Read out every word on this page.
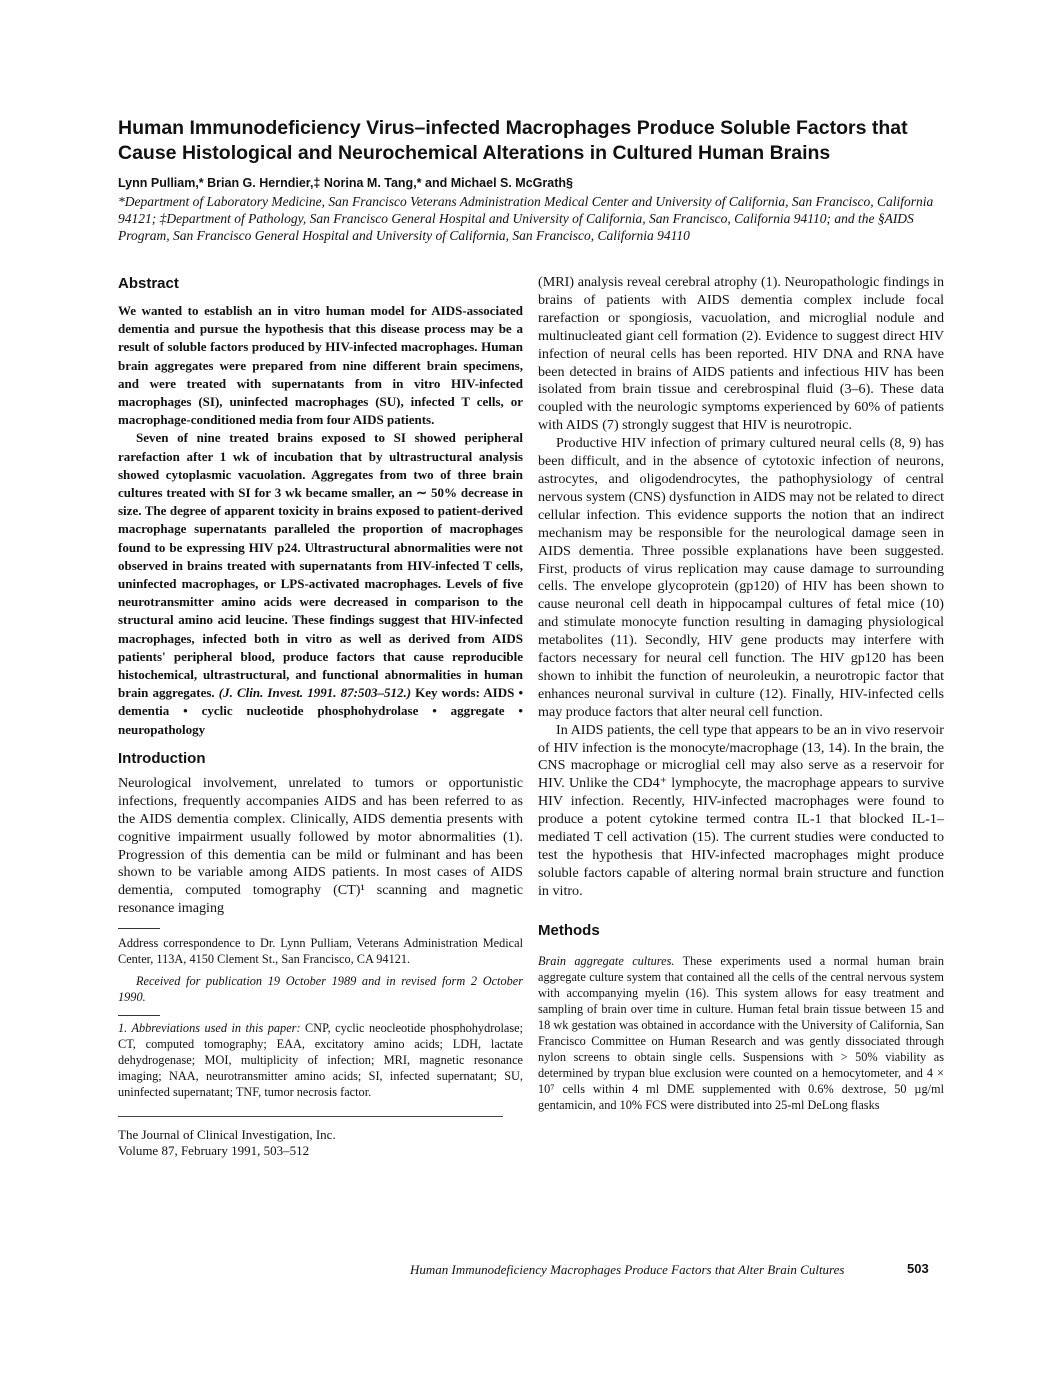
Human Immunodeficiency Virus–infected Macrophages Produce Soluble Factors that Cause Histological and Neurochemical Alterations in Cultured Human Brains
Lynn Pulliam,* Brian G. Herndier,‡ Norina M. Tang,* and Michael S. McGrath§
*Department of Laboratory Medicine, San Francisco Veterans Administration Medical Center and University of California, San Francisco, California 94121; ‡Department of Pathology, San Francisco General Hospital and University of California, San Francisco, California 94110; and the §AIDS Program, San Francisco General Hospital and University of California, San Francisco, California 94110
Abstract

We wanted to establish an in vitro human model for AIDS-associated dementia and pursue the hypothesis that this disease process may be a result of soluble factors produced by HIV-infected macrophages. Human brain aggregates were prepared from nine different brain specimens, and were treated with supernatants from in vitro HIV-infected macrophages (SI), uninfected macrophages (SU), infected T cells, or macrophage-conditioned media from four AIDS patients.

Seven of nine treated brains exposed to SI showed peripheral rarefaction after 1 wk of incubation that by ultrastructural analysis showed cytoplasmic vacuolation. Aggregates from two of three brain cultures treated with SI for 3 wk became smaller, an ∼ 50% decrease in size. The degree of apparent toxicity in brains exposed to patient-derived macrophage supernatants paralleled the proportion of macrophages found to be expressing HIV p24. Ultrastructural abnormalities were not observed in brains treated with supernatants from HIV-infected T cells, uninfected macrophages, or LPS-activated macrophages. Levels of five neurotransmitter amino acids were decreased in comparison to the structural amino acid leucine. These findings suggest that HIV-infected macrophages, infected both in vitro as well as derived from AIDS patients' peripheral blood, produce factors that cause reproducible histochemical, ultrastructural, and functional abnormalities in human brain aggregates. (J. Clin. Invest. 1991. 87:503–512.) Key words: AIDS • dementia • cyclic nucleotide phosphohydrolase • aggregate • neuropathology

Introduction

Neurological involvement, unrelated to tumors or opportunistic infections, frequently accompanies AIDS and has been referred to as the AIDS dementia complex. Clinically, AIDS dementia presents with cognitive impairment usually followed by motor abnormalities (1). Progression of this dementia can be mild or fulminant and has been shown to be variable among AIDS patients. In most cases of AIDS dementia, computed tomography (CT)¹ scanning and magnetic resonance imaging

Address correspondence to Dr. Lynn Pulliam, Veterans Administration Medical Center, 113A, 4150 Clement St., San Francisco, CA 94121.

Received for publication 19 October 1989 and in revised form 2 October 1990.

1. Abbreviations used in this paper: CNP, cyclic neocleotide phosphohydrolase; CT, computed tomography; EAA, excitatory amino acids; LDH, lactate dehydrogenase; MOI, multiplicity of infection; MRI, magnetic resonance imaging; NAA, neurotransmitter amino acids; SI, infected supernatant; SU, uninfected supernatant; TNF, tumor necrosis factor.

The Journal of Clinical Investigation, Inc.

Volume 87, February 1991, 503–512

(MRI) analysis reveal cerebral atrophy (1). Neuropathologic findings in brains of patients with AIDS dementia complex include focal rarefaction or spongiosis, vacuolation, and microglial nodule and multinucleated giant cell formation (2). Evidence to suggest direct HIV infection of neural cells has been reported. HIV DNA and RNA have been detected in brains of AIDS patients and infectious HIV has been isolated from brain tissue and cerebrospinal fluid (3–6). These data coupled with the neurologic symptoms experienced by 60% of patients with AIDS (7) strongly suggest that HIV is neurotropic.

Productive HIV infection of primary cultured neural cells (8, 9) has been difficult, and in the absence of cytotoxic infection of neurons, astrocytes, and oligodendrocytes, the pathophysiology of central nervous system (CNS) dysfunction in AIDS may not be related to direct cellular infection. This evidence supports the notion that an indirect mechanism may be responsible for the neurological damage seen in AIDS dementia. Three possible explanations have been suggested. First, products of virus replication may cause damage to surrounding cells. The envelope glycoprotein (gp120) of HIV has been shown to cause neuronal cell death in hippocampal cultures of fetal mice (10) and stimulate monocyte function resulting in damaging physiological metabolites (11). Secondly, HIV gene products may interfere with factors necessary for neural cell function. The HIV gp120 has been shown to inhibit the function of neuroleukin, a neurotropic factor that enhances neuronal survival in culture (12). Finally, HIV-infected cells may produce factors that alter neural cell function.

In AIDS patients, the cell type that appears to be an in vivo reservoir of HIV infection is the monocyte/macrophage (13, 14). In the brain, the CNS macrophage or microglial cell may also serve as a reservoir for HIV. Unlike the CD4⁺ lymphocyte, the macrophage appears to survive HIV infection. Recently, HIV-infected macrophages were found to produce a potent cytokine termed contra IL-1 that blocked IL-1–mediated T cell activation (15). The current studies were conducted to test the hypothesis that HIV-infected macrophages might produce soluble factors capable of altering normal brain structure and function in vitro.

Methods

Brain aggregate cultures. These experiments used a normal human brain aggregate culture system that contained all the cells of the central nervous system with accompanying myelin (16). This system allows for easy treatment and sampling of brain over time in culture. Human fetal brain tissue between 15 and 18 wk gestation was obtained in accordance with the University of California, San Francisco Committee on Human Research and was gently dissociated through nylon screens to obtain single cells. Suspensions with > 50% viability as determined by trypan blue exclusion were counted on a hemocytometer, and 4 × 10⁷ cells within 4 ml DME supplemented with 0.6% dextrose, 50 µg/ml gentamicin, and 10% FCS were distributed into 25-ml DeLong flasks

Human Immunodeficiency Macrophages Produce Factors that Alter Brain Cultures	503
